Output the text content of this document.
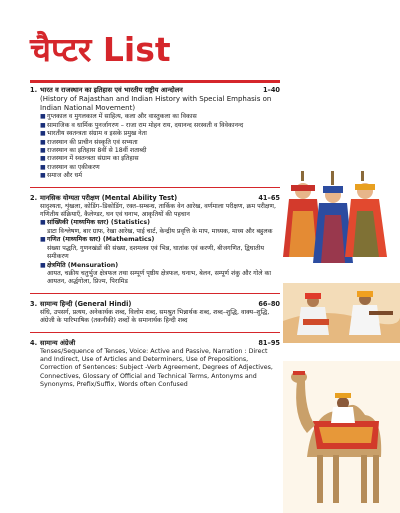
चैप्टर List
1. भारत व राजस्थान का इतिहास एवं भारतीय राष्ट्रीय आन्दोलन	1–40
(History of Rajasthan and Indian History with Special Emphasis on Indian National Movement)
■ गुप्तकाल व मुगलकाल में साहित्य, कला और वास्तुकला का विकास
■ सामाजिक व धार्मिक पुनर्जागरण – राजा राम मोहन राय, दयानन्द सरस्वती व विवेकानन्द
■ भारतीय स्वतन्त्रता संग्राम व इसके प्रमुख नेता
■ राजस्थान की प्राचीन संस्कृति एवं सभ्यता
■ राजस्थान का इतिहास 8वीं से 18वीं शताब्दी
■ राजस्थान में स्वतन्त्रता संग्राम का इतिहास
■ राजस्थान का एकीकरण
■ समाज और धर्म
2. मानसिक योग्यता परीक्षण (Mental Ability Test)	41–65
सादृश्यता, शृंखला, कोडिंग–डिकोडिंग, रक्त–सम्बन्ध, तार्किक वेन आरेख, वर्णमाला परीक्षण, क्रम परीक्षण, गणितीय संक्रियाएँ, कैलेण्डर, घन एवं घनाभ, आकृतियों की पहचान
■ सांख्यिकी (माध्यमिक स्तर) (Statistics)
डाटा विश्लेषण, बार ग्राफ, रेखा आरेख, पाई चार्ट, केन्द्रीय प्रवृत्ति के माप, माध्यक, माध्य और बहुलक
■ गणित (माध्यमिक स्तर) (Mathematics)
संख्या पद्धति, गुणनखंडों की संख्या, दशमलव एवं भिन्न, घातांक एवं करणी, बीजगणित, द्विघातीय समीकरण
■ क्षेत्रमिति (Mensuration)
आयत, चक्रीय चतुर्भुज क्षेत्रफल तथा सम्पूर्ण पृष्ठीय क्षेत्रफल, घनाभ, बेलन, सम्पूर्ण शंकु और गोले का आयतन, अर्द्धगोला, प्रिज्म, पिरामिड
3. सामान्य हिन्दी (General Hindi)	66–80
संधि, उपसर्ग, प्रत्यय, अनेकार्थक शब्द, विलोम शब्द, समश्रुत भिन्नार्थक शब्द, शब्द–शुद्धि, वाक्य–शुद्धि, अंग्रेजी के पारिभाषिक (तकनीकी) शब्दों के समानार्थक हिन्दी शब्द
4. सामान्य अंग्रेजी	81–95
Tenses/Sequence of Tenses, Voice: Active and Passive, Narration : Direct and Indirect, Use of Articles and Determiners, Use of Prepositions, Correction of Sentences: Subject -Verb Agreement, Degrees of Adjectives, Connectives, Glossary of Official and Technical Terms, Antonyms and Synonyms, Prefix/Suffix, Words often Confused
